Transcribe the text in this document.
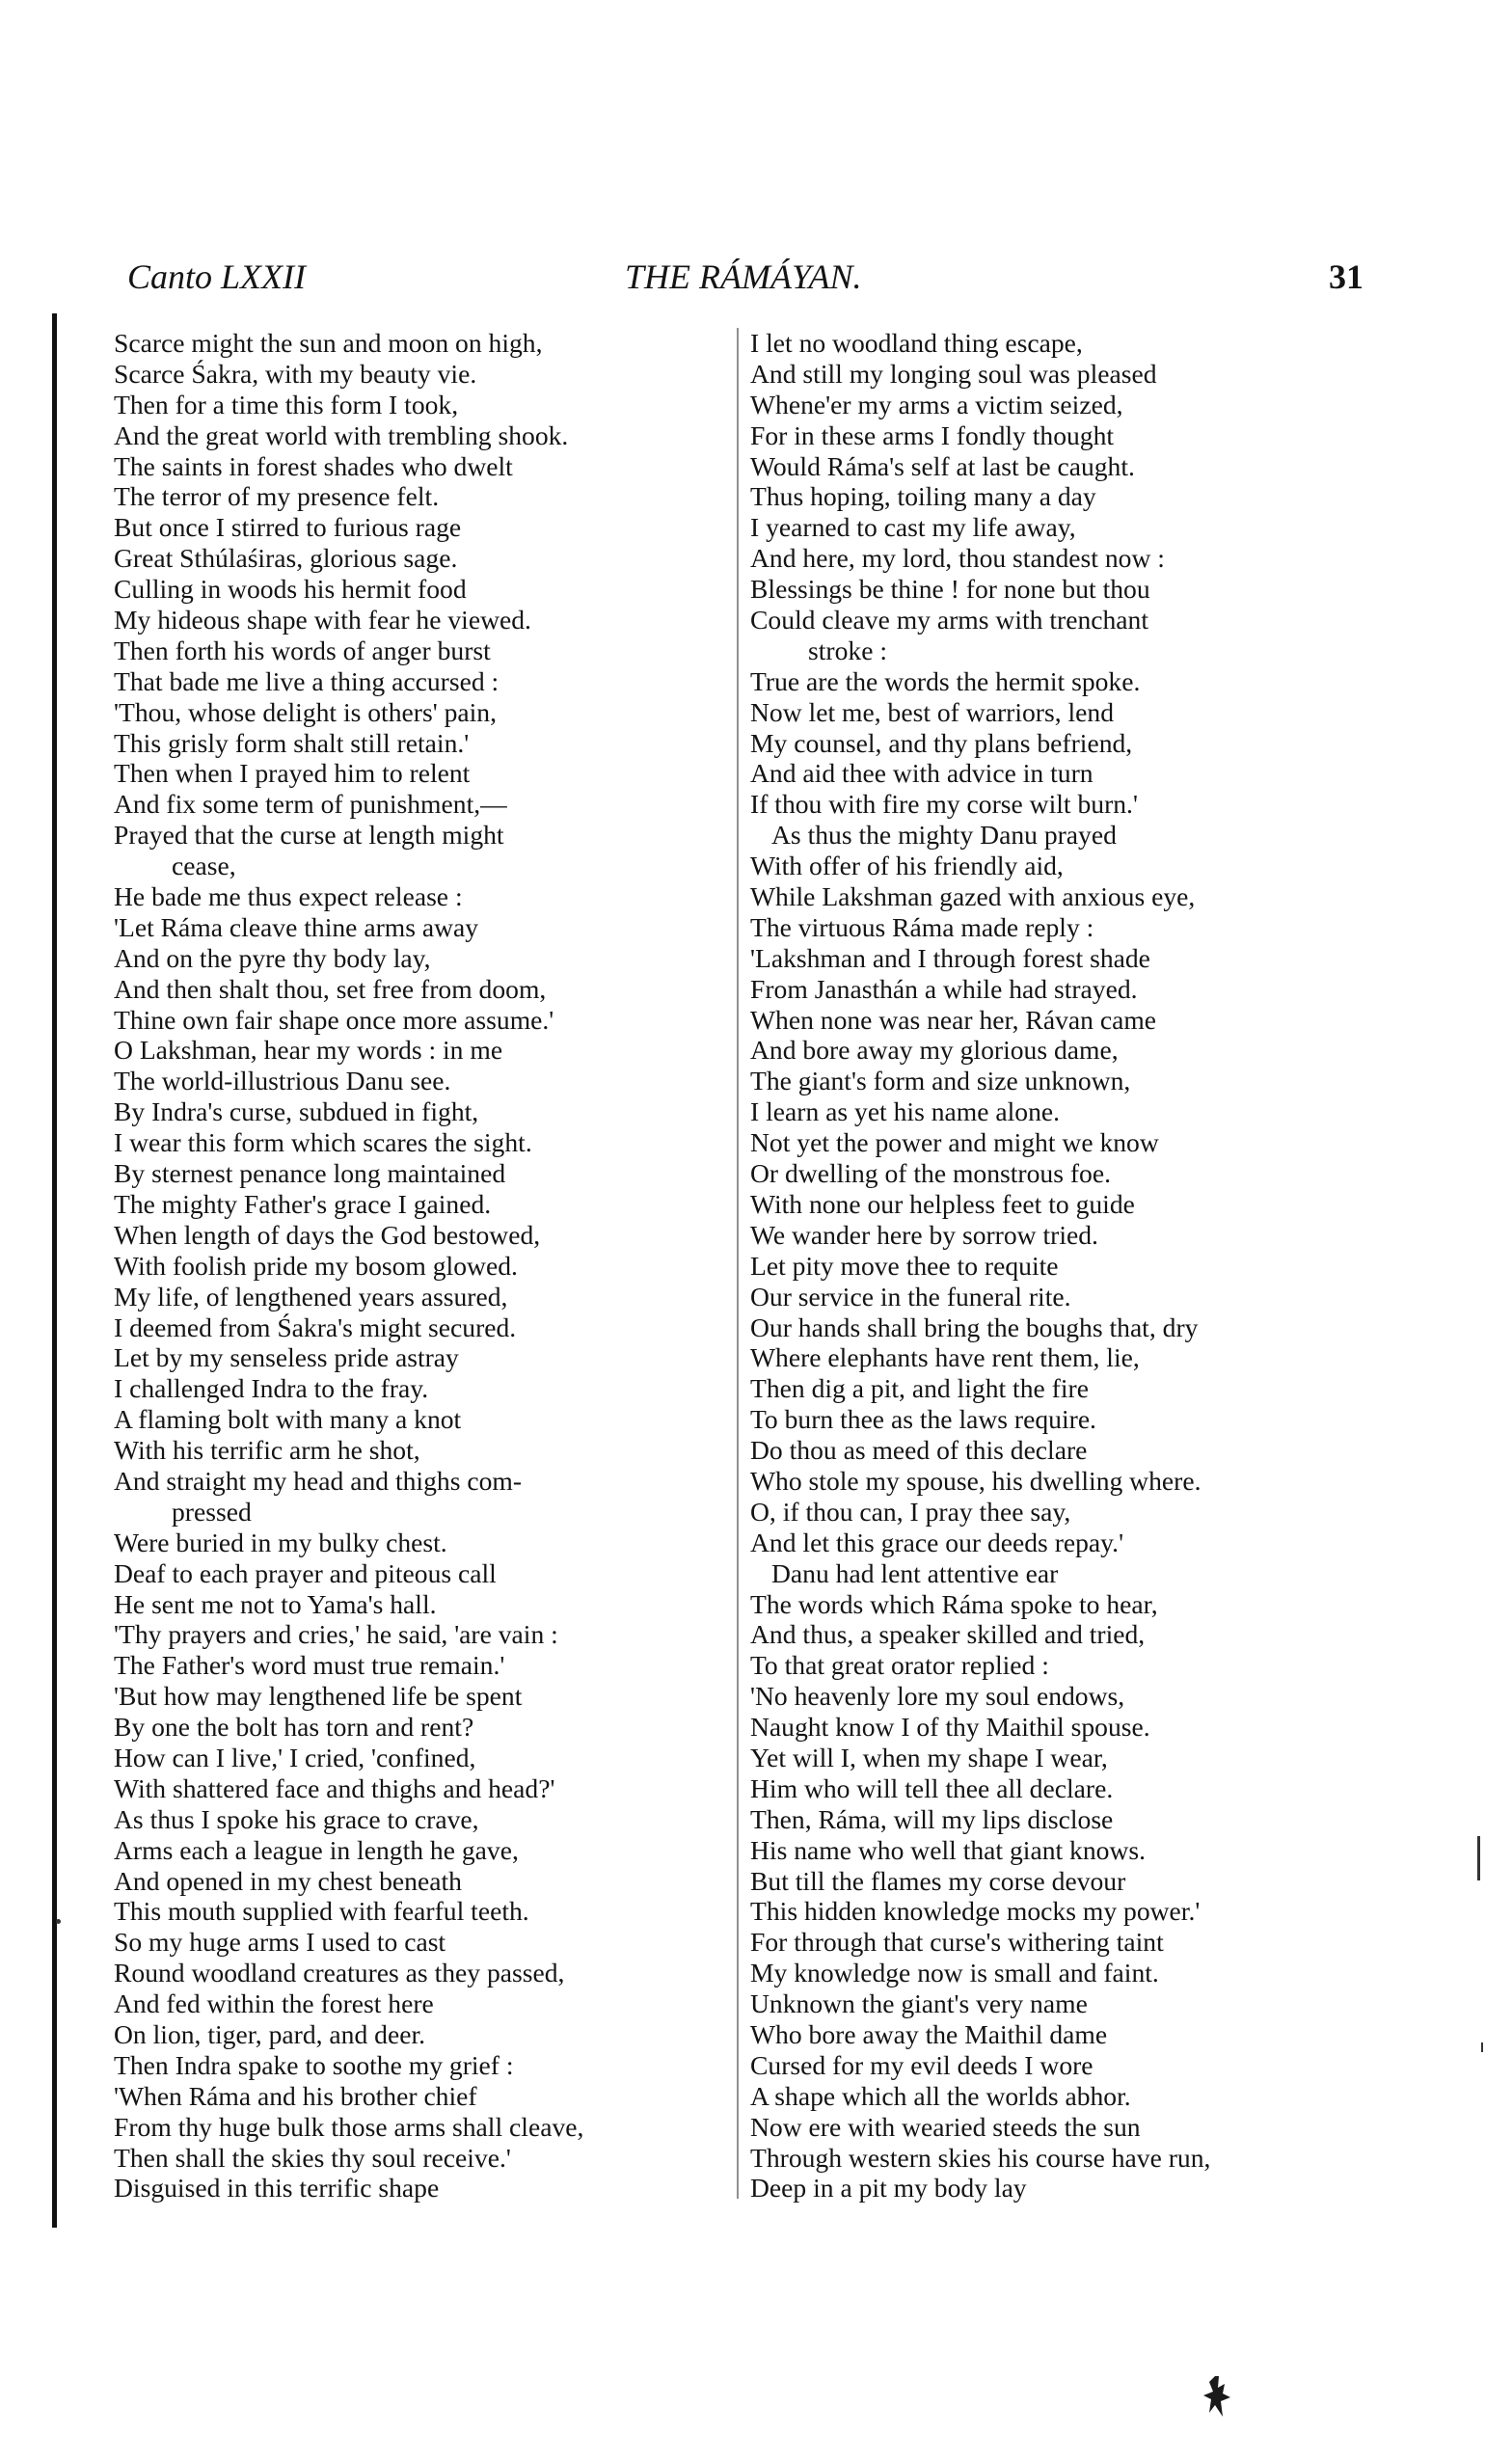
Canto LXXII	THE RÁMÁYAN.	31
Scarce might the sun and moon on high,
Scarce Śakra, with my beauty vie.
Then for a time this form I took,
And the great world with trembling shook.
The saints in forest shades who dwelt
The terror of my presence felt.
But once I stirred to furious rage
Great Sthúlaśiras, glorious sage.
Culling in woods his hermit food
My hideous shape with fear he viewed.
Then forth his words of anger burst
That bade me live a thing accursed :
'Thou, whose delight is others' pain,
This grisly form shalt still retain.'
Then when I prayed him to relent
And fix some term of punishment,—
Prayed that the curse at length might
cease,
He bade me thus expect release :
'Let Ráma cleave thine arms away
And on the pyre thy body lay,
And then shalt thou, set free from doom,
Thine own fair shape once more assume.'
O Lakshman, hear my words : in me
The world-illustrious Danu see.
By Indra's curse, subdued in fight,
I wear this form which scares the sight.
By sternest penance long maintained
The mighty Father's grace I gained.
When length of days the God bestowed,
With foolish pride my bosom glowed.
My life, of lengthened years assured,
I deemed from Śakra's might secured.
Let by my senseless pride astray
I challenged Indra to the fray.
A flaming bolt with many a knot
With his terrific arm he shot,
And straight my head and thighs com-
pressed
Were buried in my bulky chest.
Deaf to each prayer and piteous call
He sent me not to Yama's hall.
'Thy prayers and cries,' he said, 'are vain :
The Father's word must true remain.'
'But how may lengthened life be spent
By one the bolt has torn and rent?
How can I live,' I cried, 'confined,
With shattered face and thighs and head?'
As thus I spoke his grace to crave,
Arms each a league in length he gave,
And opened in my chest beneath
This mouth supplied with fearful teeth.
So my huge arms I used to cast
Round woodland creatures as they passed,
And fed within the forest here
On lion, tiger, pard, and deer.
Then Indra spake to soothe my grief :
'When Ráma and his brother chief
From thy huge bulk those arms shall cleave,
Then shall the skies thy soul receive.'
Disguised in this terrific shape
I let no woodland thing escape,
And still my longing soul was pleased
Whene'er my arms a victim seized,
For in these arms I fondly thought
Would Ráma's self at last be caught.
Thus hoping, toiling many a day
I yearned to cast my life away,
And here, my lord, thou standest now :
Blessings be thine ! for none but thou
Could cleave my arms with trenchant
stroke :
True are the words the hermit spoke.
Now let me, best of warriors, lend
My counsel, and thy plans befriend,
And aid thee with advice in turn
If thou with fire my corse wilt burn.'
As thus the mighty Danu prayed
With offer of his friendly aid,
While Lakshman gazed with anxious eye,
The virtuous Ráma made reply :
'Lakshman and I through forest shade
From Janasthán a while had strayed.
When none was near her, Rávan came
And bore away my glorious dame,
The giant's form and size unknown,
I learn as yet his name alone.
Not yet the power and might we know
Or dwelling of the monstrous foe.
With none our helpless feet to guide
We wander here by sorrow tried.
Let pity move thee to requite
Our service in the funeral rite.
Our hands shall bring the boughs that, dry
Where elephants have rent them, lie,
Then dig a pit, and light the fire
To burn thee as the laws require.
Do thou as meed of this declare
Who stole my spouse, his dwelling where.
O, if thou can, I pray thee say,
And let this grace our deeds repay.'
Danu had lent attentive ear
The words which Ráma spoke to hear,
And thus, a speaker skilled and tried,
To that great orator replied :
'No heavenly lore my soul endows,
Naught know I of thy Maithil spouse.
Yet will I, when my shape I wear,
Him who will tell thee all declare.
Then, Ráma, will my lips disclose
His name who well that giant knows.
But till the flames my corse devour
This hidden knowledge mocks my power.'
For through that curse's withering taint
My knowledge now is small and faint.
Unknown the giant's very name
Who bore away the Maithil dame
Cursed for my evil deeds I wore
A shape which all the worlds abhor.
Now ere with wearied steeds the sun
Through western skies his course have run,
Deep in a pit my body lay
